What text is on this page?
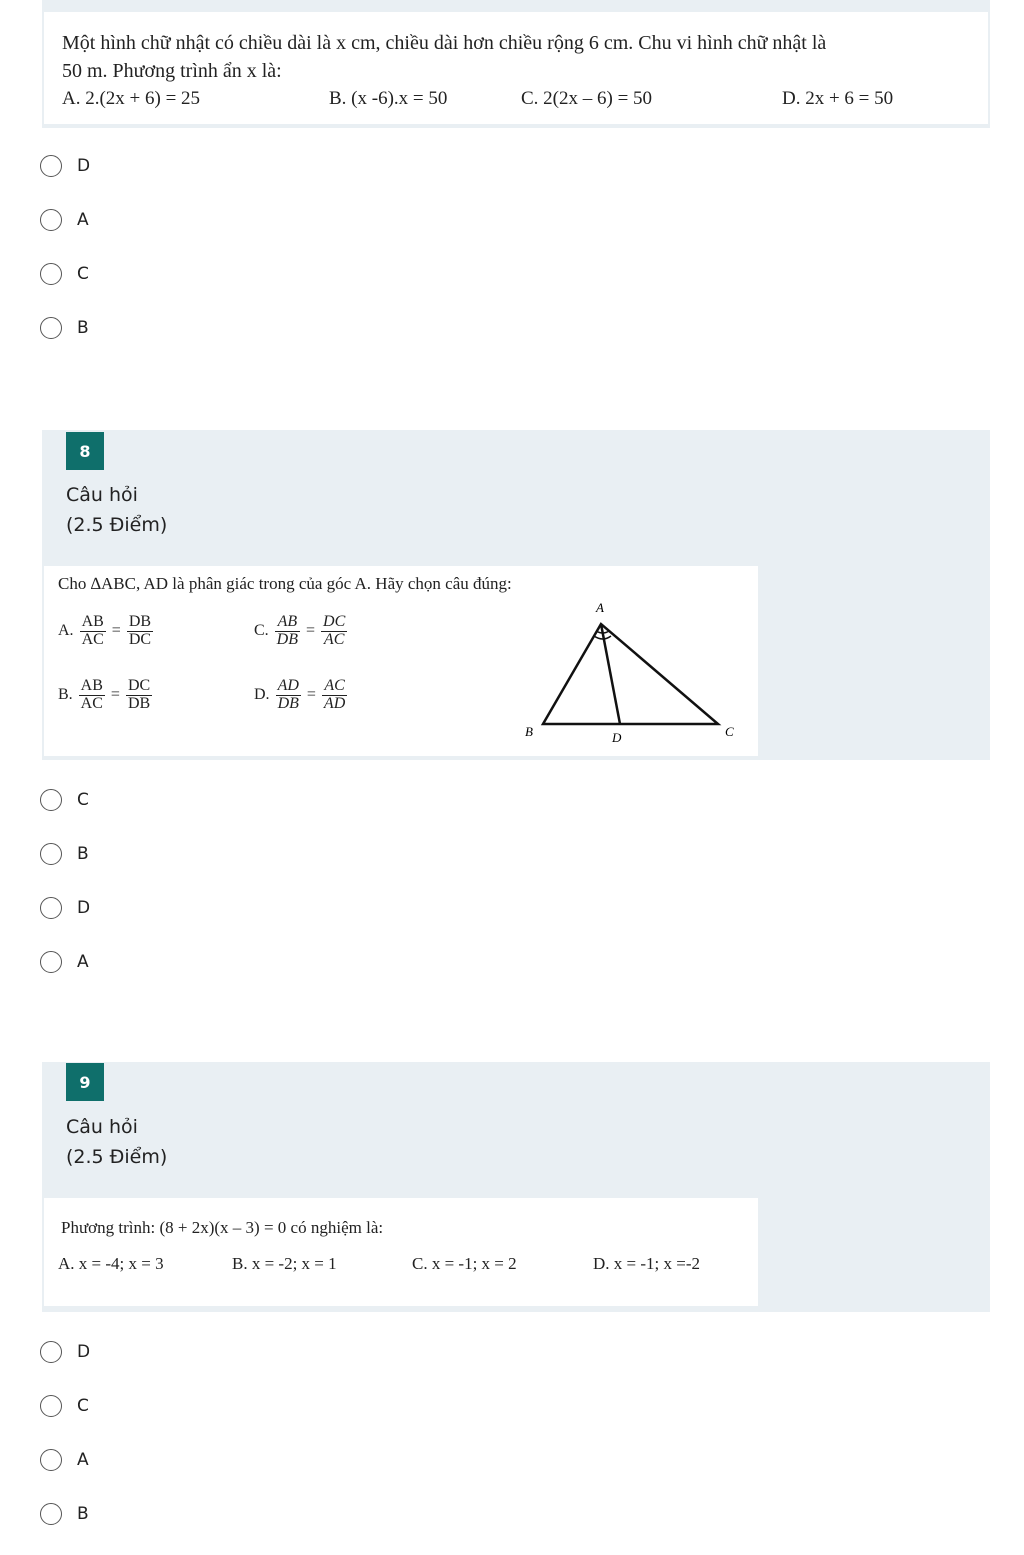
Một hình chữ nhật có chiều dài là x cm, chiều dài hơn chiều rộng 6 cm. Chu vi hình chữ nhật là
50 m. Phương trình ẩn x là:
A. 2.(2x + 6) = 25	B. (x -6).x = 50	C. 2(2x – 6) = 50	D. 2x + 6 = 50
D
A
C
B
8
Câu hỏi
(2.5 Điểm)
Cho ∆ABC, AD là phân giác trong của góc A. Hãy chọn câu đúng:
A. $\frac{AB}{AC} = \frac{DB}{DC}$	C. $\frac{AB}{DB} = \frac{DC}{AC}$
B. $\frac{AB}{AC} = \frac{DC}{DB}$	D. $\frac{AD}{DB} = \frac{AC}{AD}$
A
B	D	C
C
B
D
A
9
Câu hỏi
(2.5 Điểm)
Phương trình: (8 + 2x)(x – 3) = 0 có nghiệm là:
A. x = -4; x = 3	B. x = -2; x = 1	C. x = -1; x = 2	D. x = -1; x =-2
D
C
A
B
